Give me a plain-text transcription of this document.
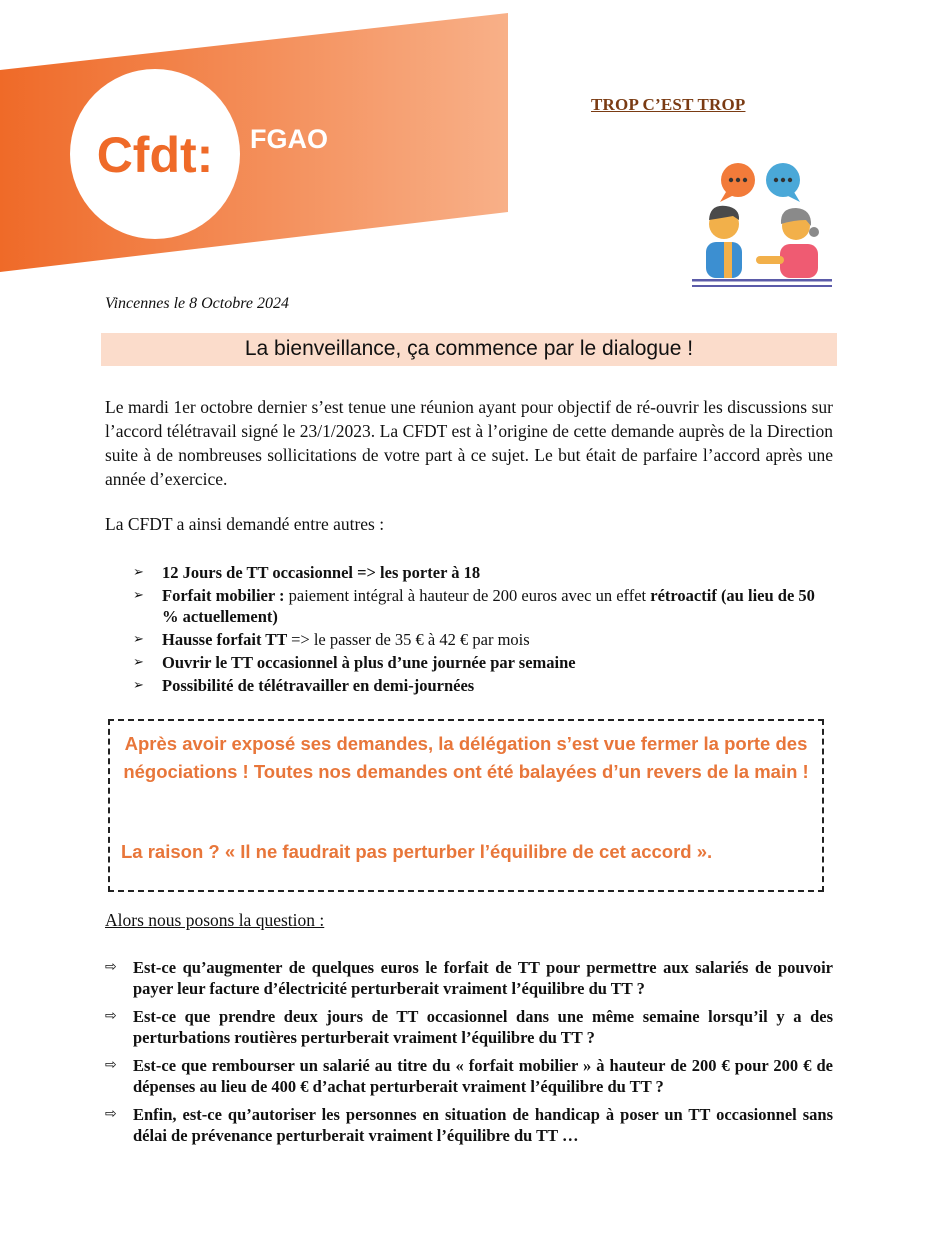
Cfdt: FGAO
TROP C’EST TROP
Vincennes le 8 Octobre 2024
La bienveillance, ça commence par le dialogue !
Le mardi 1er octobre dernier s’est tenue une réunion ayant pour objectif de ré-ouvrir les discussions sur l’accord télétravail signé le 23/1/2023. La CFDT est à l’origine de cette demande auprès de la Direction suite à de nombreuses sollicitations de votre part à ce sujet. Le but était de parfaire l’accord après une année d’exercice.
La CFDT a ainsi demandé entre autres :
➢ 12 Jours de TT occasionnel => les porter à 18
➢ Forfait mobilier : paiement intégral à hauteur de 200 euros avec un effet rétroactif (au lieu de 50 % actuellement)
➢ Hausse forfait TT => le passer de 35 € à 42 € par mois
➢ Ouvrir le TT occasionnel à plus d’une journée par semaine
➢ Possibilité de télétravailler en demi-journées
Après avoir exposé ses demandes, la délégation s’est vue fermer la porte des négociations ! Toutes nos demandes ont été balayées d’un revers de la main !
La raison ? « Il ne faudrait pas perturber l’équilibre de cet accord ».
Alors nous posons la question :
⇨ Est-ce qu’augmenter de quelques euros le forfait de TT pour permettre aux salariés de pouvoir payer leur facture d’électricité perturberait vraiment l’équilibre du TT ?
⇨ Est-ce que prendre deux jours de TT occasionnel dans une même semaine lorsqu’il y a des perturbations routières perturberait vraiment l’équilibre du TT ?
⇨ Est-ce que rembourser un salarié au titre du « forfait mobilier » à hauteur de 200 € pour 200 € de dépenses au lieu de 400 € d’achat perturberait vraiment l’équilibre du TT ?
⇨ Enfin, est-ce qu’autoriser les personnes en situation de handicap à poser un TT occasionnel sans délai de prévenance perturberait vraiment l’équilibre du TT …
